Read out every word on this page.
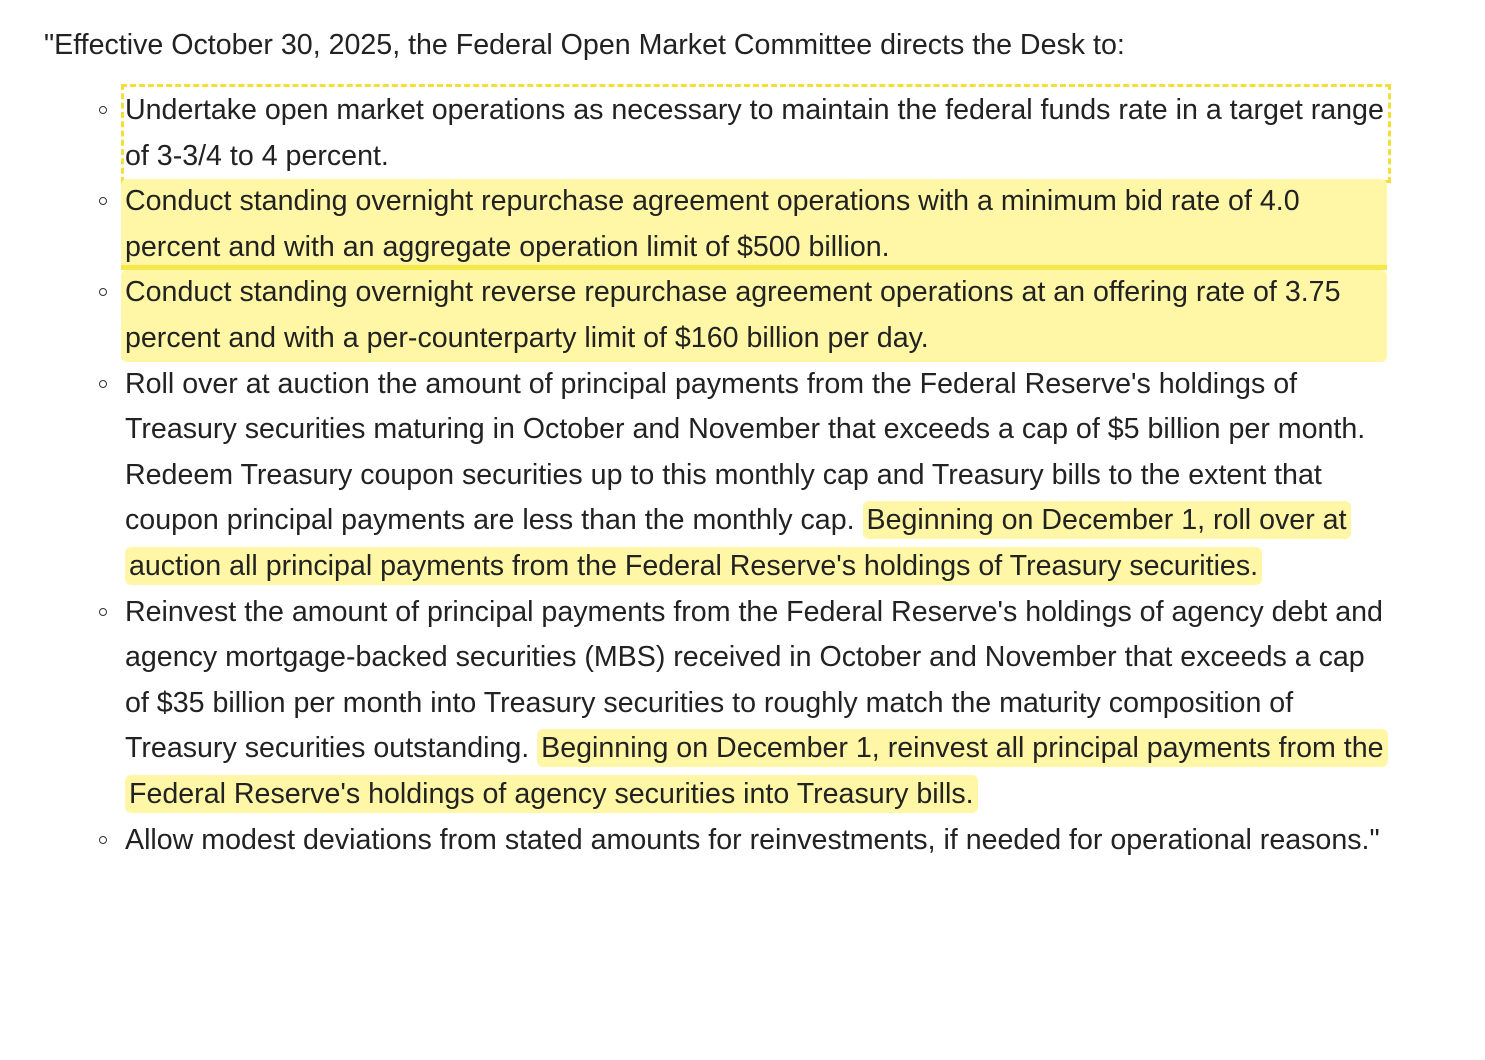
"Effective October 30, 2025, the Federal Open Market Committee directs the Desk to:

Undertake open market operations as necessary to maintain the federal funds rate in a target range of 3-3/4 to 4 percent.
Conduct standing overnight repurchase agreement operations with a minimum bid rate of 4.0 percent and with an aggregate operation limit of $500 billion.
Conduct standing overnight reverse repurchase agreement operations at an offering rate of 3.75 percent and with a per-counterparty limit of $160 billion per day.
Roll over at auction the amount of principal payments from the Federal Reserve's holdings of Treasury securities maturing in October and November that exceeds a cap of $5 billion per month. Redeem Treasury coupon securities up to this monthly cap and Treasury bills to the extent that coupon principal payments are less than the monthly cap. Beginning on December 1, roll over at auction all principal payments from the Federal Reserve's holdings of Treasury securities.
Reinvest the amount of principal payments from the Federal Reserve's holdings of agency debt and agency mortgage-backed securities (MBS) received in October and November that exceeds a cap of $35 billion per month into Treasury securities to roughly match the maturity composition of Treasury securities outstanding. Beginning on December 1, reinvest all principal payments from the Federal Reserve's holdings of agency securities into Treasury bills.
Allow modest deviations from stated amounts for reinvestments, if needed for operational reasons."
